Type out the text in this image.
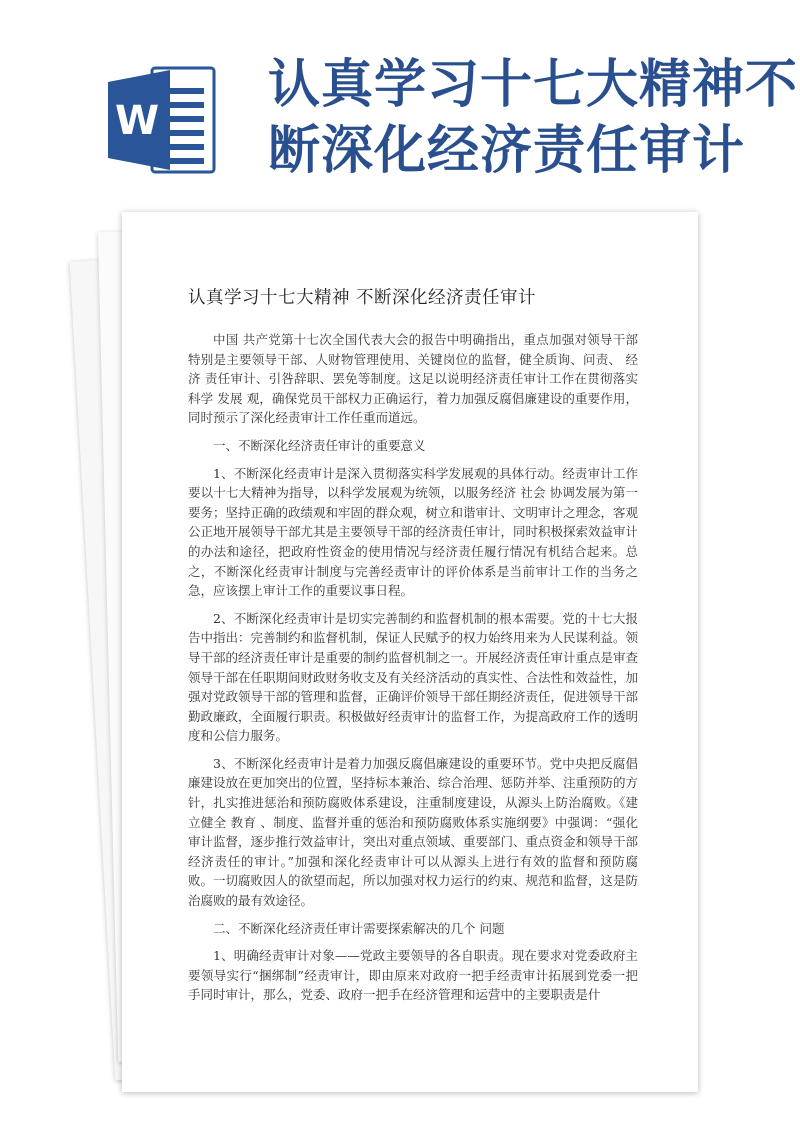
W
认真学习十七大精神不
断深化经济责任审计
认真学习十七大精神 不断深化经济责任审计

中国 共产党第十七次全国代表大会的报告中明确指出，重点加强对领导干部特别是主要领导干部、人财物管理使用、关键岗位的监督，健全质询、问责、 经济 责任审计、引咎辞职、罢免等制度。这足以说明经济责任审计工作在贯彻落实 科学 发展 观，确保党员干部权力正确运行，着力加强反腐倡廉建设的重要作用，同时预示了深化经责审计工作任重而道远。

一、不断深化经济责任审计的重要意义

1、不断深化经责审计是深入贯彻落实科学发展观的具体行动。经责审计工作要以十七大精神为指导，以科学发展观为统领，以服务经济 社会 协调发展为第一要务；坚持正确的政绩观和牢固的群众观，树立和谐审计、文明审计之理念，客观公正地开展领导干部尤其是主要领导干部的经济责任审计，同时积极探索效益审计的办法和途径，把政府性资金的使用情况与经济责任履行情况有机结合起来。总之，不断深化经责审计制度与完善经责审计的评价体系是当前审计工作的当务之急，应该摆上审计工作的重要议事日程。

2、不断深化经责审计是切实完善制约和监督机制的根本需要。党的十七大报告中指出：完善制约和监督机制，保证人民赋予的权力始终用来为人民谋利益。领导干部的经济责任审计是重要的制约监督机制之一。开展经济责任审计重点是审查领导干部在任职期间财政财务收支及有关经济活动的真实性、合法性和效益性，加强对党政领导干部的管理和监督，正确评价领导干部任期经济责任，促进领导干部勤政廉政，全面履行职责。积极做好经责审计的监督工作，为提高政府工作的透明度和公信力服务。

3、不断深化经责审计是着力加强反腐倡廉建设的重要环节。党中央把反腐倡廉建设放在更加突出的位置，坚持标本兼治、综合治理、惩防并举、注重预防的方针，扎实推进惩治和预防腐败体系建设，注重制度建设，从源头上防治腐败。《建立健全 教育 、制度、监督并重的惩治和预防腐败体系实施纲要》中强调：“强化审计监督，逐步推行效益审计，突出对重点领域、重要部门、重点资金和领导干部经济责任的审计。”加强和深化经责审计可以从源头上进行有效的监督和预防腐败。一切腐败因人的欲望而起，所以加强对权力运行的约束、规范和监督，这是防治腐败的最有效途径。

二、不断深化经济责任审计需要探索解决的几个 问题

1、明确经责审计对象——党政主要领导的各自职责。现在要求对党委政府主要领导实行“捆绑制”经责审计，即由原来对政府一把手经责审计拓展到党委一把手同时审计，那么，党委、政府一把手在经济管理和运营中的主要职责是什
